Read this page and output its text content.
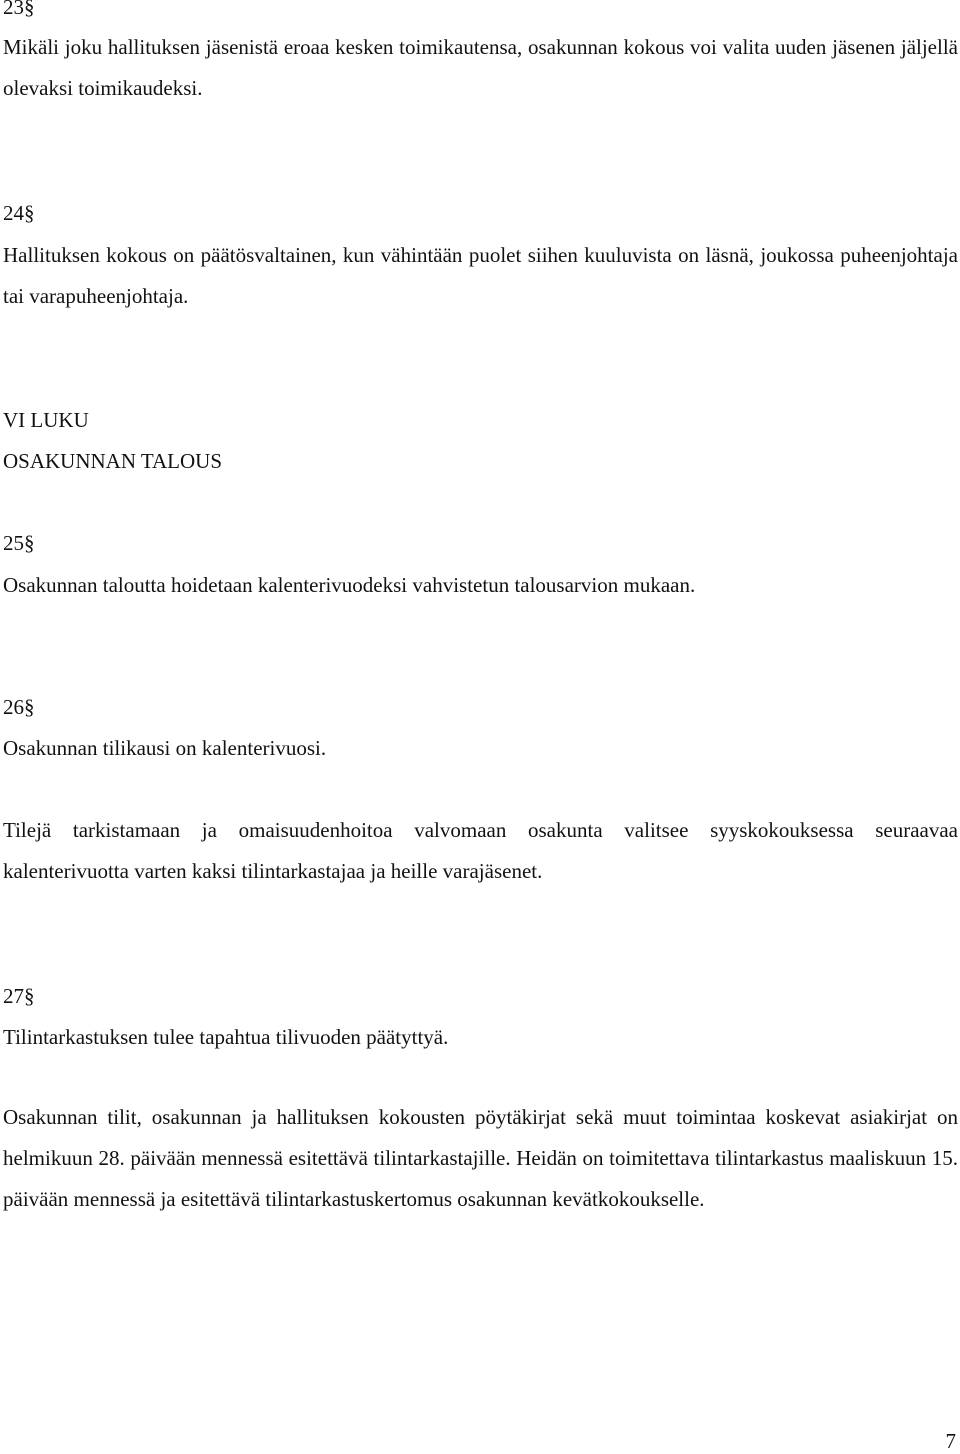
23§
Mikäli joku hallituksen jäsenistä eroaa kesken toimikautensa, osakunnan kokous voi valita uuden jäsenen jäljellä olevaksi toimikaudeksi.
24§
Hallituksen kokous on päätösvaltainen, kun vähintään puolet siihen kuuluvista on läsnä, joukossa puheenjohtaja tai varapuheenjohtaja.
VI LUKU
OSAKUNNAN TALOUS
25§
Osakunnan taloutta hoidetaan kalenterivuodeksi vahvistetun talousarvion mukaan.
26§
Osakunnan tilikausi on kalenterivuosi.
Tilejä tarkistamaan ja omaisuudenhoitoa valvomaan osakunta valitsee syyskokouksessa seuraavaa kalenterivuotta varten kaksi tilintarkastajaa ja heille varajäsenet.
27§
Tilintarkastuksen tulee tapahtua tilivuoden päätyttyä.
Osakunnan tilit, osakunnan ja hallituksen kokousten pöytäkirjat sekä muut toimintaa koskevat asiakirjat on helmikuun 28. päivään mennessä esitettävä tilintarkastajille. Heidän on toimitettava tilintarkastus maaliskuun 15. päivään mennessä ja esitettävä tilintarkastuskertomus osakunnan kevätkokoukselle.
7
